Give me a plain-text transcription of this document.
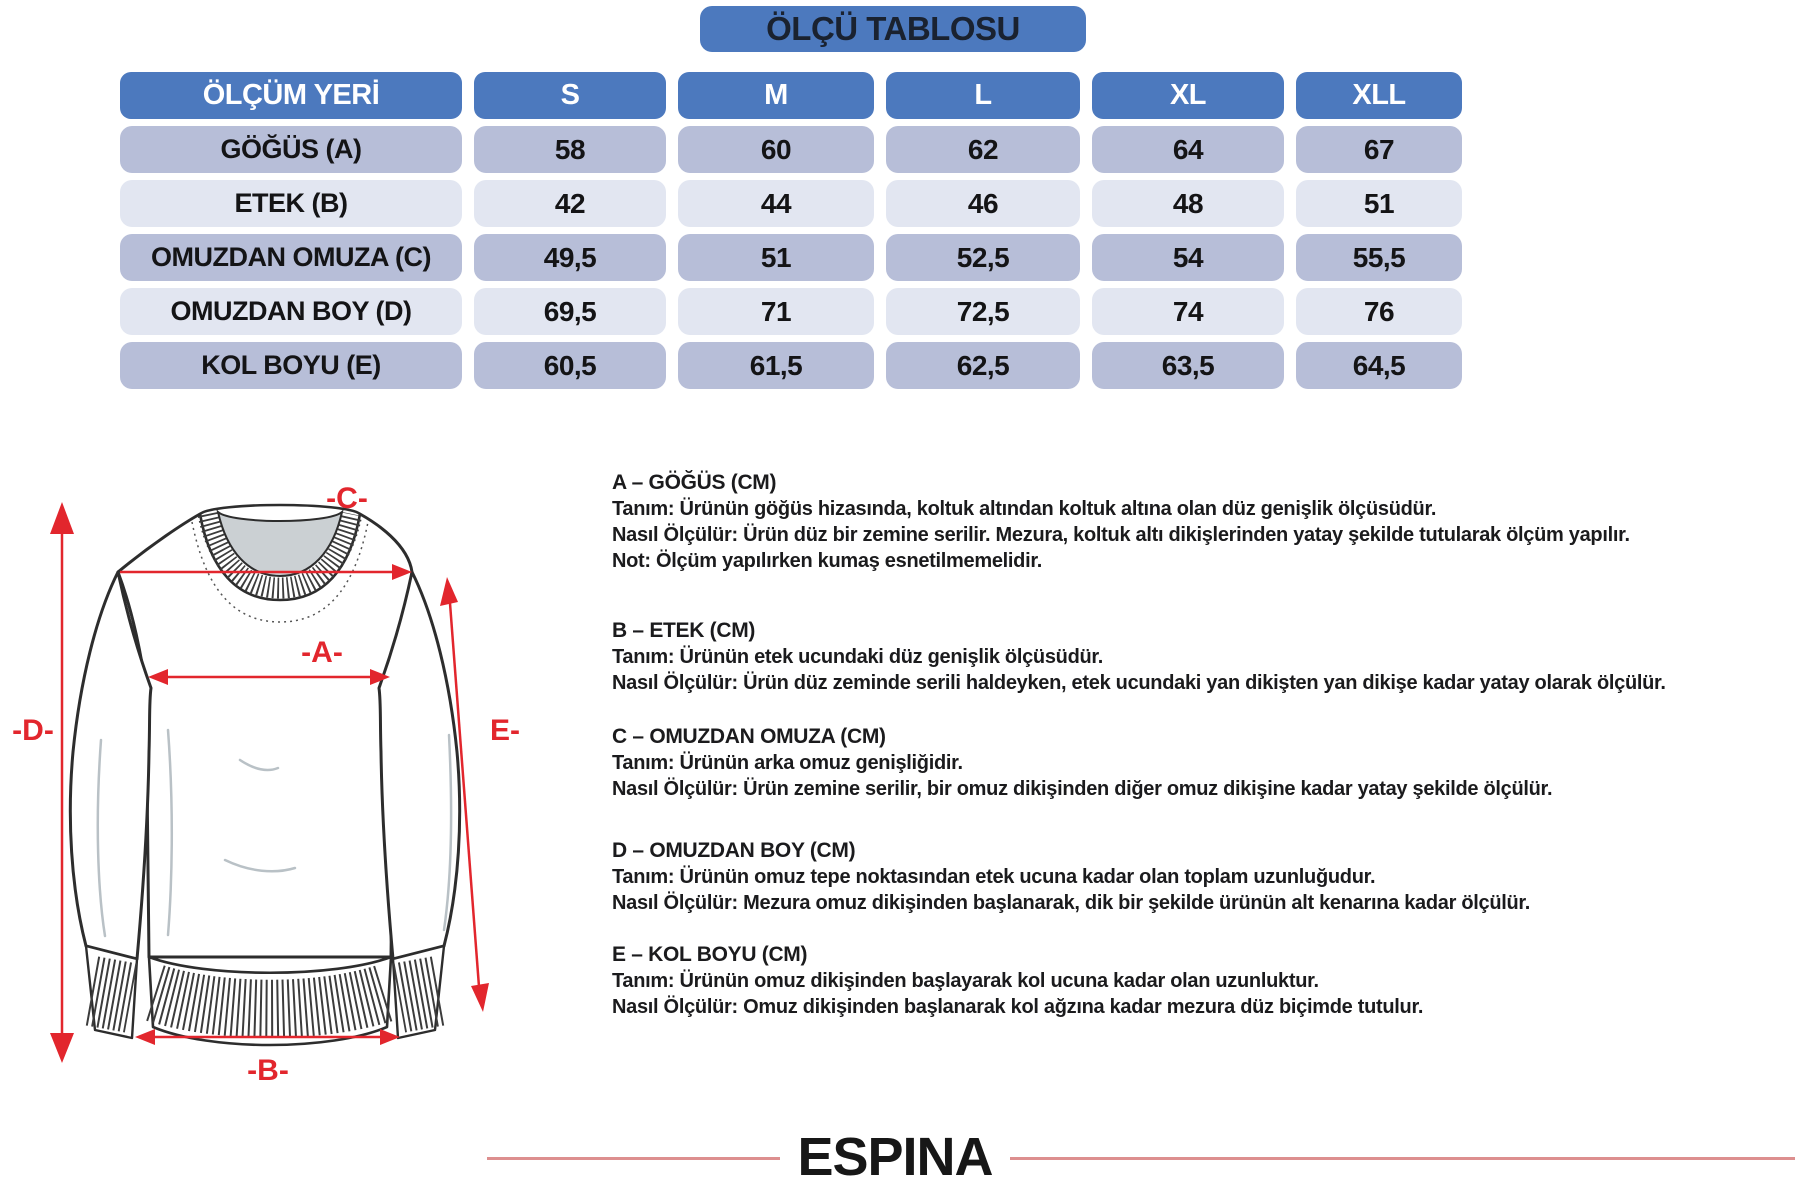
ÖLÇÜ TABLOSU
ÖLÇÜM YERİ	S	M	L	XL	XLL
GÖĞÜS (A)	58	60	62	64	67
ETEK (B)	42	44	46	48	51
OMUZDAN OMUZA (C)	49,5	51	52,5	54	55,5
OMUZDAN BOY (D)	69,5	71	72,5	74	76
KOL BOYU (E)	60,5	61,5	62,5	63,5	64,5
-D-
-C-
-A-
E-
-B-
A – GÖĞÜS (CM)
Tanım: Ürünün göğüs hizasında, koltuk altından koltuk altına olan düz genişlik ölçüsüdür.
Nasıl Ölçülür: Ürün düz bir zemine serilir. Mezura, koltuk altı dikişlerinden yatay şekilde tutularak ölçüm yapılır.
Not: Ölçüm yapılırken kumaş esnetilmemelidir.
B – ETEK (CM)
Tanım: Ürünün etek ucundaki düz genişlik ölçüsüdür.
Nasıl Ölçülür: Ürün düz zeminde serili haldeyken, etek ucundaki yan dikişten yan dikişe kadar yatay olarak ölçülür.
C – OMUZDAN OMUZA (CM)
Tanım: Ürünün arka omuz genişliğidir.
Nasıl Ölçülür: Ürün zemine serilir, bir omuz dikişinden diğer omuz dikişine kadar yatay şekilde ölçülür.
D – OMUZDAN BOY (CM)
Tanım: Ürünün omuz tepe noktasından etek ucuna kadar olan toplam uzunluğudur.
Nasıl Ölçülür: Mezura omuz dikişinden başlanarak, dik bir şekilde ürünün alt kenarına kadar ölçülür.
E – KOL BOYU (CM)
Tanım: Ürünün omuz dikişinden başlayarak kol ucuna kadar olan uzunluktur.
Nasıl Ölçülür: Omuz dikişinden başlanarak kol ağzına kadar mezura düz biçimde tutulur.
ESPINA
